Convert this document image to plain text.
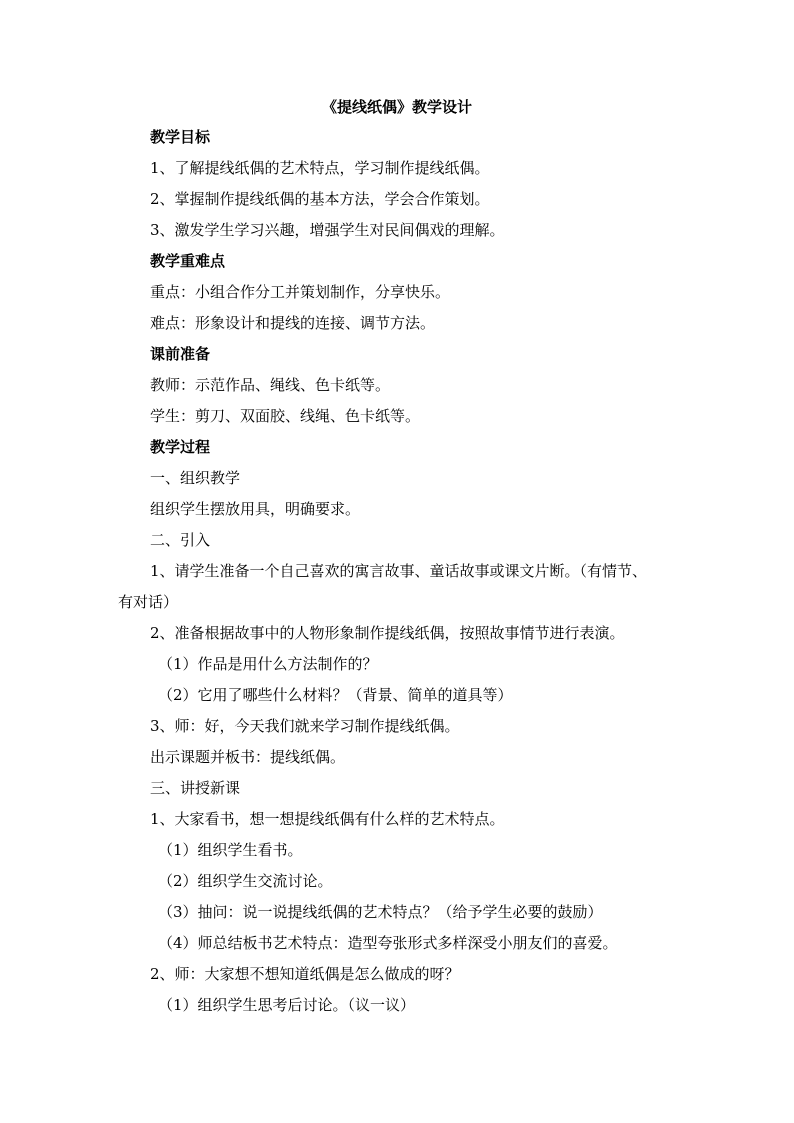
《提线纸偶》教学设计

教学目标

1、了解提线纸偶的艺术特点，学习制作提线纸偶。

2、掌握制作提线纸偶的基本方法，学会合作策划。

3、激发学生学习兴趣，增强学生对民间偶戏的理解。

教学重难点

重点：小组合作分工并策划制作，分享快乐。

难点：形象设计和提线的连接、调节方法。

课前准备

教师：示范作品、绳线、色卡纸等。

学生：剪刀、双面胶、线绳、色卡纸等。

教学过程

一、组织教学

组织学生摆放用具，明确要求。

二、引入

1、请学生准备一个自己喜欢的寓言故事、童话故事或课文片断。（有情节、

有对话）

2、准备根据故事中的人物形象制作提线纸偶，按照故事情节进行表演。

（1）作品是用什么方法制作的？

（2）它用了哪些什么材料？（背景、简单的道具等）

3、师：好，今天我们就来学习制作提线纸偶。

出示课题并板书：提线纸偶。

三、讲授新课

1、大家看书，想一想提线纸偶有什么样的艺术特点。

（1）组织学生看书。

（2）组织学生交流讨论。

（3）抽问：说一说提线纸偶的艺术特点？（给予学生必要的鼓励）

（4）师总结板书艺术特点：造型夸张形式多样深受小朋友们的喜爱。

2、师：大家想不想知道纸偶是怎么做成的呀？

（1）组织学生思考后讨论。（议一议）
